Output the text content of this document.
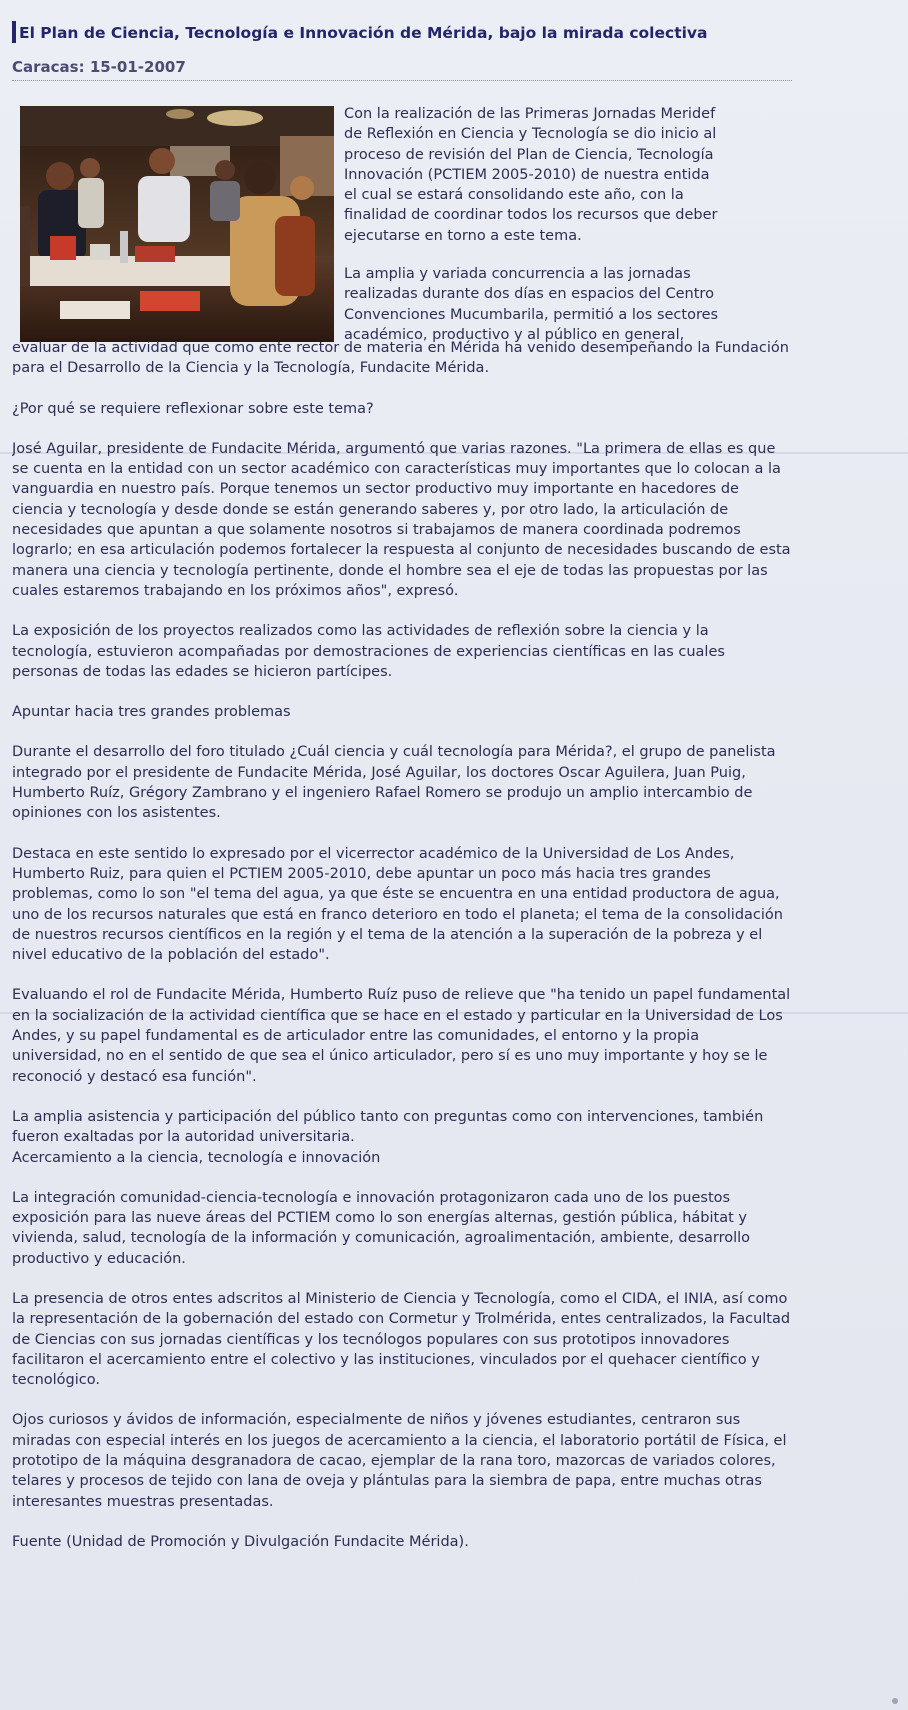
El Plan de Ciencia, Tecnología e Innovación de Mérida, bajo la mirada colectiva
Caracas: 15-01-2007

Con la realización de las Primeras Jornadas Meridef
de Reflexión en Ciencia y Tecnología se dio inicio al
proceso de revisión del Plan de Ciencia, Tecnología
Innovación (PCTIEM 2005-2010) de nuestra entida
el cual se estará consolidando este año, con la
finalidad de coordinar todos los recursos que deber
ejecutarse en torno a este tema.

La amplia y variada concurrencia a las jornadas
realizadas durante dos días en espacios del Centro
Convenciones Mucumbarila, permitió a los sectores
académico, productivo y al público en general,

evaluar de la actividad que como ente rector de materia en Mérida ha venido desempeñando la Fundación para el Desarrollo de la Ciencia y la Tecnología, Fundacite Mérida.

¿Por qué se requiere reflexionar sobre este tema?

José Aguilar, presidente de Fundacite Mérida, argumentó que varias razones. "La primera de ellas es que se cuenta en la entidad con un sector académico con características muy importantes que lo colocan a la vanguardia en nuestro país. Porque tenemos un sector productivo muy importante en hacedores de ciencia y tecnología y desde donde se están generando saberes y, por otro lado, la articulación de necesidades que apuntan a que solamente nosotros si trabajamos de manera coordinada podremos lograrlo; en esa articulación podemos fortalecer la respuesta al conjunto de necesidades buscando de esta manera una ciencia y tecnología pertinente, donde el hombre sea el eje de todas las propuestas por las cuales estaremos trabajando en los próximos años", expresó.

La exposición de los proyectos realizados como las actividades de reflexión sobre la ciencia y la tecnología, estuvieron acompañadas por demostraciones de experiencias científicas en las cuales personas de todas las edades se hicieron partícipes.

Apuntar hacia tres grandes problemas

Durante el desarrollo del foro titulado ¿Cuál ciencia y cuál tecnología para Mérida?, el grupo de panelista integrado por el presidente de Fundacite Mérida, José Aguilar, los doctores Oscar Aguilera, Juan Puig, Humberto Ruíz, Grégory Zambrano y el ingeniero Rafael Romero se produjo un amplio intercambio de opiniones con los asistentes.

Destaca en este sentido lo expresado por el vicerrector académico de la Universidad de Los Andes, Humberto Ruiz, para quien el PCTIEM 2005-2010, debe apuntar un poco más hacia tres grandes problemas, como lo son "el tema del agua, ya que éste se encuentra en una entidad productora de agua, uno de los recursos naturales que está en franco deterioro en todo el planeta; el tema de la consolidación de nuestros recursos científicos en la región y el tema de la atención a la superación de la pobreza y el nivel educativo de la población del estado".

Evaluando el rol de Fundacite Mérida, Humberto Ruíz puso de relieve que "ha tenido un papel fundamental en la socialización de la actividad científica que se hace en el estado y particular en la Universidad de Los Andes, y su papel fundamental es de articulador entre las comunidades, el entorno y la propia universidad, no en el sentido de que sea el único articulador, pero sí es uno muy importante y hoy se le reconoció y destacó esa función".

La amplia asistencia y participación del público tanto con preguntas como con intervenciones, también fueron exaltadas por la autoridad universitaria.

Acercamiento a la ciencia, tecnología e innovación

La integración comunidad-ciencia-tecnología e innovación protagonizaron cada uno de los puestos exposición para las nueve áreas del PCTIEM como lo son energías alternas, gestión pública, hábitat y vivienda, salud, tecnología de la información y comunicación, agroalimentación, ambiente, desarrollo productivo y educación.

La presencia de otros entes adscritos al Ministerio de Ciencia y Tecnología, como el CIDA, el INIA, así como la representación de la gobernación del estado con Cormetur y Trolmérida, entes centralizados, la Facultad de Ciencias con sus jornadas científicas y los tecnólogos populares con sus prototipos innovadores facilitaron el acercamiento entre el colectivo y las instituciones, vinculados por el quehacer científico y tecnológico.

Ojos curiosos y ávidos de información, especialmente de niños y jóvenes estudiantes, centraron sus miradas con especial interés en los juegos de acercamiento a la ciencia, el laboratorio portátil de Física, el prototipo de la máquina desgranadora de cacao, ejemplar de la rana toro, mazorcas de variados colores, telares y procesos de tejido con lana de oveja y plántulas para la siembra de papa, entre muchas otras interesantes muestras presentadas.

Fuente (Unidad de Promoción y Divulgación Fundacite Mérida).
